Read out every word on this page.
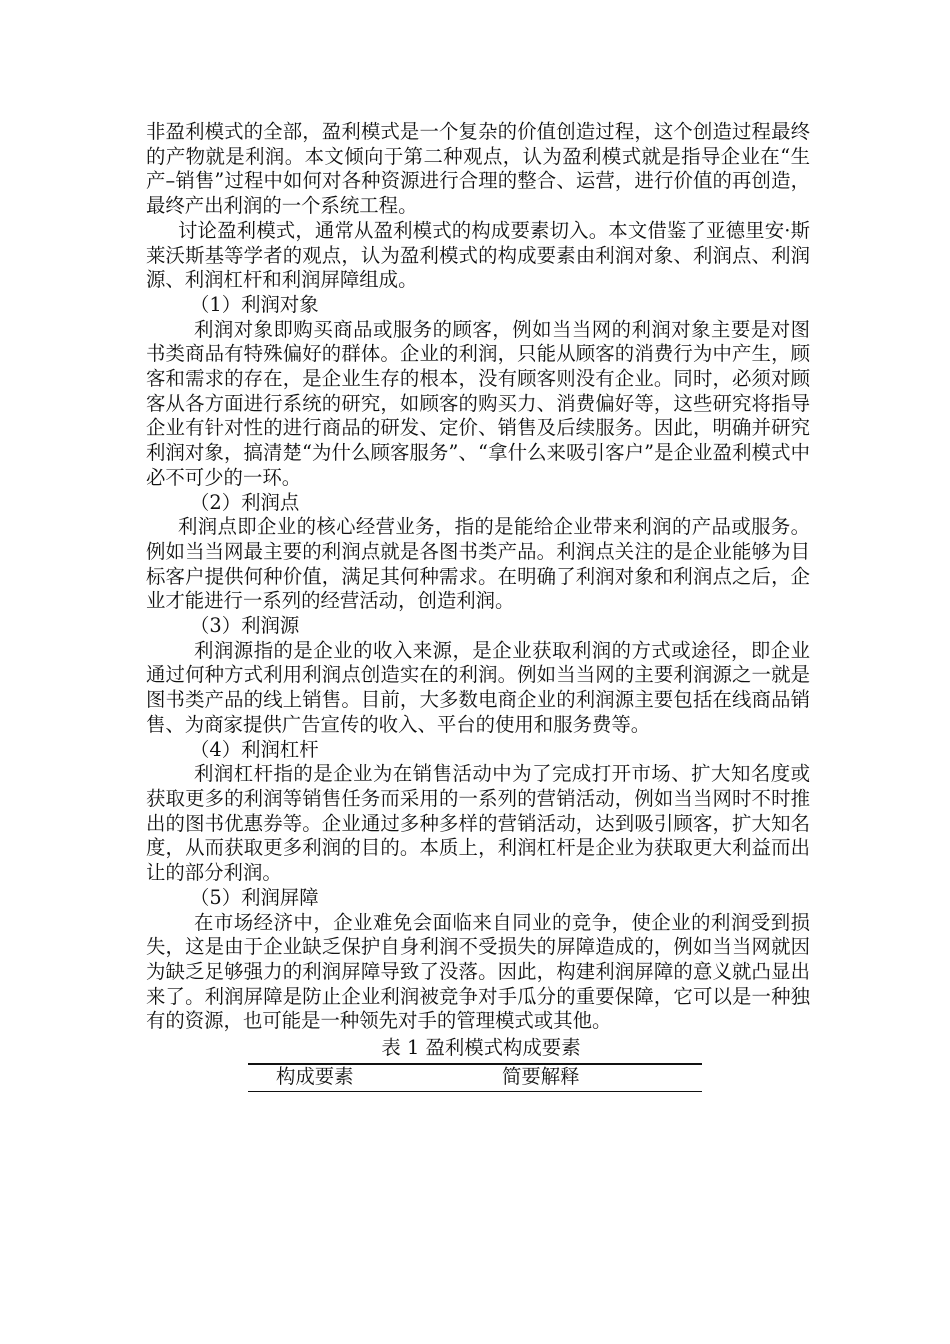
非盈利模式的全部，盈利模式是一个复杂的价值创造过程，这个创造过程最终的产物就是利润。本文倾向于第二种观点，认为盈利模式就是指导企业在“生产–销售”过程中如何对各种资源进行合理的整合、运营，进行价值的再创造，最终产出利润的一个系统工程。

讨论盈利模式，通常从盈利模式的构成要素切入。本文借鉴了亚德里安·斯莱沃斯基等学者的观点，认为盈利模式的构成要素由利润对象、利润点、利润源、利润杠杆和利润屏障组成。

（1）利润对象

利润对象即购买商品或服务的顾客，例如当当网的利润对象主要是对图书类商品有特殊偏好的群体。企业的利润，只能从顾客的消费行为中产生，顾客和需求的存在，是企业生存的根本，没有顾客则没有企业。同时，必须对顾客从各方面进行系统的研究，如顾客的购买力、消费偏好等，这些研究将指导企业有针对性的进行商品的研发、定价、销售及后续服务。因此，明确并研究利润对象，搞清楚“为什么顾客服务”、“拿什么来吸引客户”是企业盈利模式中必不可少的一环。

（2）利润点

利润点即企业的核心经营业务，指的是能给企业带来利润的产品或服务。例如当当网最主要的利润点就是各图书类产品。利润点关注的是企业能够为目标客户提供何种价值，满足其何种需求。在明确了利润对象和利润点之后，企业才能进行一系列的经营活动，创造利润。

（3）利润源

利润源指的是企业的收入来源，是企业获取利润的方式或途径，即企业通过何种方式利用利润点创造实在的利润。例如当当网的主要利润源之一就是图书类产品的线上销售。目前，大多数电商企业的利润源主要包括在线商品销售、为商家提供广告宣传的收入、平台的使用和服务费等。

（4）利润杠杆

利润杠杆指的是企业为在销售活动中为了完成打开市场、扩大知名度或获取更多的利润等销售任务而采用的一系列的营销活动，例如当当网时不时推出的图书优惠券等。企业通过多种多样的营销活动，达到吸引顾客，扩大知名度，从而获取更多利润的目的。本质上，利润杠杆是企业为获取更大利益而出让的部分利润。

（5）利润屏障

在市场经济中，企业难免会面临来自同业的竞争，使企业的利润受到损失，这是由于企业缺乏保护自身利润不受损失的屏障造成的，例如当当网就因为缺乏足够强力的利润屏障导致了没落。因此，构建利润屏障的意义就凸显出来了。利润屏障是防止企业利润被竞争对手瓜分的重要保障，它可以是一种独有的资源，也可能是一种领先对手的管理模式或其他。

表 1 盈利模式构成要素

构成要素	简要解释
